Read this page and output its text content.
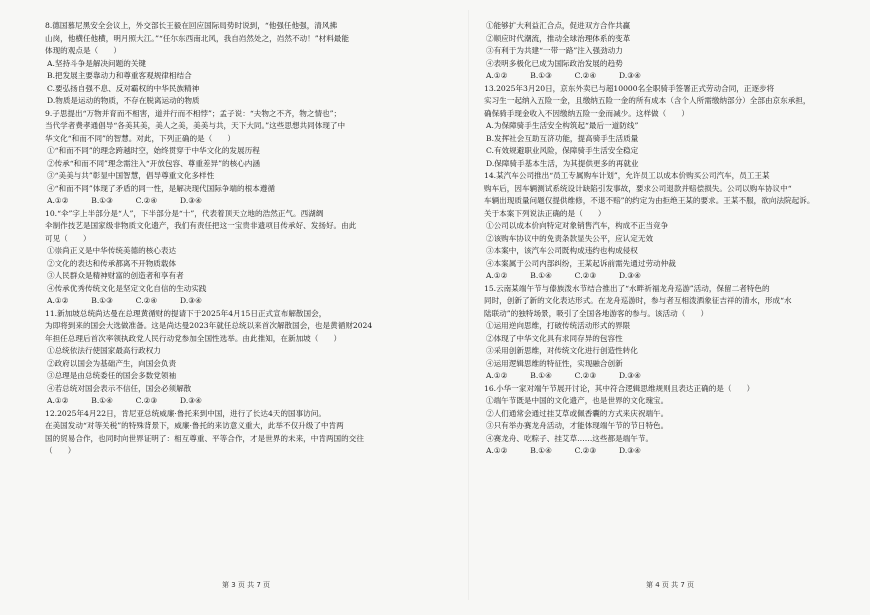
8.德国慕尼黑安全会议上，外交部长王毅在回应国际局势时说到，“他强任他强，清风拂
山岗，他横任他横，明月照大江。”“任尔东西南北风，我自岿然处之，岿然不动！”材料最能
体现的观点是（　　）
A.坚持斗争是解决问题的关键
B.把发展主要靠动力和尊重客观规律相结合
C.要弘扬自强不息、反对霸权的中华民族精神
D.物质是运动的物质，不存在脱离运动的物质
9.子思提出“万物并育而不相害，道并行而不相悖”；孟子说：“夫物之不齐，物之情也”；
当代学者费孝通倡导“各美其美，美人之美，美美与共，天下大同。”这些思想共同体现了中
华文化“和而不同”的智慧。对此，下列正确的是（　　）
①“和而不同”的理念跨越时空，始终贯穿于中华文化的发展历程
②传承“和而不同”理念需注入“开放包容、尊重差异”的核心内涵
③“美美与共”彰显中国智慧，倡导尊重文化多样性
④“和而不同”体现了矛盾的同一性，是解决现代国际争端的根本遵循
A.①②　　　B.①③　　　C.②④　　　D.③④
10.“伞”字上半部分是“人”，下半部分是“十”，代表着顶天立地的浩然正气。西湖绸
伞制作技艺是国家级非物质文化遗产，我们有责任把这一宝贵非遗项目传承好、发扬好。由此
可见（　　）
①崇尚正义是中华传统美德的核心表达
②文化的表达和传承都离不开物质载体
③人民群众是精神财富的创造者和享有者
④传承优秀传统文化是坚定文化自信的生动实践
A.①②　　　B.①③　　　C.②④　　　D.③④
11.新加坡总统尚达曼在总理黄循财的提请下于2025年4月15日正式宣布解散国会，
为即将到来的国会大选做准备。这是尚达曼2023年就任总统以来首次解散国会，也是黄循财2024
年担任总理后首次率领执政党人民行动党参加全国性选举。由此推知，在新加坡（　　）
①总统依法行使国家最高行政权力
②政府以国会为基础产生，向国会负责
③总理是由总统委任的国会多数党领袖
④若总统对国会表示不信任，国会必须解散
A.①②　　　B.①④　　　C.②③　　　D.③④
12.2025年4月22日，肯尼亚总统威廉·鲁托来到中国，进行了长达4天的国事访问。
在美国发动“对等关税”的特殊背景下，威廉·鲁托的来访意义重大，此举不仅升级了中肯两
国的贸易合作，也同时向世界证明了：相互尊重、平等合作，才是世界的未来，中肯两国的交往
（　　）
①能够扩大利益汇合点，促进双方合作共赢
②顺应时代潮流，推动全球治理体系的变革
③有利于为共建“一带一路”注入强劲动力
④表明多极化已成为国际政治发展的趋势
A.①②　　　B.①③　　　C.②④　　　D.③④
13.2025年3月20日，京东外卖已与超10000名全职骑手签署正式劳动合同，正逐步将
实习生一起纳入五险一金，且缴纳五险一金的所有成本（含个人所需缴纳部分）全部由京东承担，
确保骑手现金收入不因缴纳五险一金而减少。这样做（　　）
A.为保障骑手生活安全构筑起“最后一道防线”
B.发挥社会互助互济功能，提高骑手生活质量
C.有效规避职业风险，保障骑手生活安全稳定
D.保障骑手基本生活，为其提供更多的再就业
14.某汽车公司推出“员工专属购车计划”，允许员工以成本价购买公司汽车，员工王某
购车后，因车辆测试系统设计缺陷引发事故，要求公司退款并赔偿损失。公司以购车协议中“
车辆出现质量问题仅提供维修，不退不赔”的约定为由拒绝王某的要求。王某不服，欲向法院起诉。
关于本案下列说法正确的是（　　）
①公司以成本价向特定对象销售汽车，构成不正当竞争
②该购车协议中的免责条款显失公平，应认定无效
③本案中，该汽车公司既构成违约也构成侵权
④本案属于公司内部纠纷，王某起诉前需先通过劳动仲裁
A.①②　　　B.①④　　　C.②③　　　D.③④
15.云南某端午节与傣族泼水节结合推出了“水畔祈福龙舟巡游”活动，保留二者特色的
同时，创新了新的文化表达形式。在龙舟巡游时，参与者互相泼洒象征吉祥的清水，形成“水
陆联动”的独特场景，吸引了全国各地游客的参与。该活动（　　）
①运用逆向思维，打破传统活动形式的界限
②体现了中华文化具有求同存异的包容性
③采用创新思维，对传统文化进行创造性转化
④运用逻辑思维的特征性，实现融合创新
A.①②　　　B.①④　　　C.②③　　　D.③④
16.小华一家对端午节展开讨论，其中符合逻辑思维规则且表达正确的是（　　）
①端午节既是中国的文化遗产，也是世界的文化瑰宝。
②人们通常会通过挂艾草或佩香囊的方式来庆祝端午。
③只有举办赛龙舟活动，才能体现端午节的节日特色。
④赛龙舟、吃粽子、挂艾草……这些都是端午节。
A.①②　　　B.①④　　　C.②③　　　D.③④
第 3 页 共 7 页	第 4 页 共 7 页
